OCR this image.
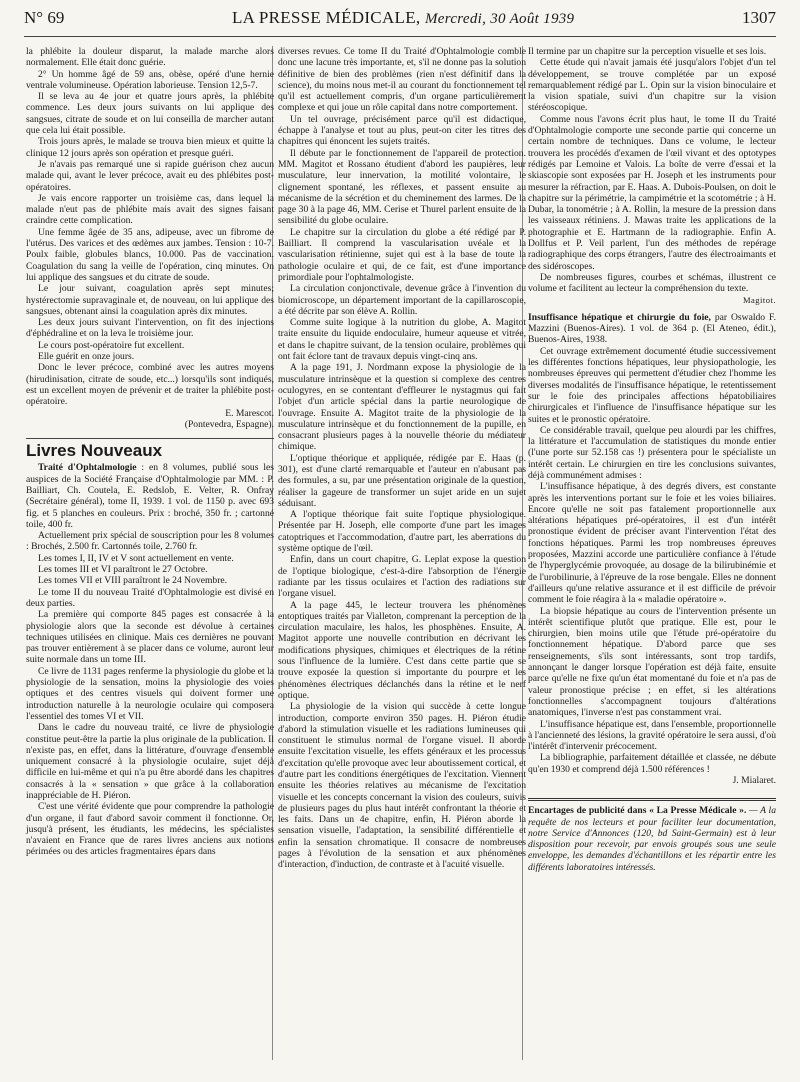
N° 69	LA PRESSE MÉDICALE, Mercredi, 30 Août 1939	1307

la phlébite la douleur disparut, la malade marche alors normalement. Elle était donc guérie.

2° Un homme âgé de 59 ans, obèse, opéré d'une hernie ventrale volumineuse. Opération laborieuse. Tension 12,5-7.

Il se leva au 4e jour et quatre jours après, la phlébite commence. Les deux jours suivants on lui applique des sangsues, citrate de soude et on lui conseilla de marcher autant que cela lui était possible.

Trois jours après, le malade se trouva bien mieux et quitte la clinique 12 jours après son opération et presque guéri.

Je n'avais pas remarqué une si rapide guérison chez aucun malade qui, avant le lever précoce, avait eu des phlébites post-opératoires.

Je vais encore rapporter un troisième cas, dans lequel la malade n'eut pas de phlébite mais avait des signes faisant craindre cette complication.

Une femme âgée de 35 ans, adipeuse, avec un fibrome de l'utérus. Des varices et des œdèmes aux jambes. Tension : 10-7. Poulx faible, globules blancs, 10.000. Pas de vaccination. Coagulation du sang la veille de l'opération, cinq minutes. On lui applique des sangsues et du citrate de soude.

Le jour suivant, coagulation après sept minutes; hystérectomie supravaginale et, de nouveau, on lui applique des sangsues, obtenant ainsi la coagulation après dix minutes.

Les deux jours suivant l'intervention, on fit des injections d'éphédraline et on la leva le troisième jour.

Le cours post-opératoire fut excellent.

Elle guérit en onze jours.

Donc le lever précoce, combiné avec les autres moyens (hirudinisation, citrate de soude, etc...) lorsqu'ils sont indiqués, est un excellent moyen de prévenir et de traiter la phlébite post-opératoire.

E. Marescot.

(Pontevedra, Espagne).

Livres Nouveaux

Traité d'Ophtalmologie : en 8 volumes, publié sous les auspices de la Société Française d'Ophtalmologie par MM. : P. Bailliart, Ch. Coutela, E. Redslob, E. Velter, R. Onfray (Secrétaire général), tome II, 1939. 1 vol. de 1150 p. avec 693 fig. et 5 planches en couleurs. Prix : broché, 350 fr. ; cartonné toile, 400 fr.

Actuellement prix spécial de souscription pour les 8 volumes : Brochés, 2.500 fr. Cartonnés toile, 2.760 fr.

Les tomes I, II, IV et V sont actuellement en vente.

Les tomes III et VI paraîtront le 27 Octobre.

Les tomes VII et VIII paraîtront le 24 Novembre.

Le tome II du nouveau Traité d'Ophtalmologie est divisé en deux parties.

La première qui comporte 845 pages est consacrée à la physiologie alors que la seconde est dévolue à certaines techniques utilisées en clinique. Mais ces dernières ne pouvant pas trouver entièrement à se placer dans ce volume, auront leur suite normale dans un tome III.

Ce livre de 1131 pages renferme la physiologie du globe et la physiologie de la sensation, moins la physiologie des voies optiques et des centres visuels qui doivent former une introduction naturelle à la neurologie oculaire qui composera l'essentiel des tomes VI et VII.

Dans le cadre du nouveau traité, ce livre de physiologie constitue peut-être la partie la plus originale de la publication. Il n'existe pas, en effet, dans la littérature, d'ouvrage d'ensemble uniquement consacré à la physiologie oculaire, sujet déjà difficile en lui-même et qui n'a pu être abordé dans les chapitres consacrés à la « sensation » que grâce à la collaboration inappréciable de H. Piéron.

C'est une vérité évidente que pour comprendre la pathologie d'un organe, il faut d'abord savoir comment il fonctionne. Or, jusqu'à présent, les étudiants, les médecins, les spécialistes n'avaient en France que de rares livres anciens aux notions périmées ou des articles fragmentaires épars dans

diverses revues. Ce tome II du Traité d'Ophtalmologie comble donc une lacune très importante, et, s'il ne donne pas la solution définitive de bien des problèmes (rien n'est définitif dans la science), du moins nous met-il au courant du fonctionnement tel qu'il est actuellement compris, d'un organe particulièrement complexe et qui joue un rôle capital dans notre comportement.

Un tel ouvrage, précisément parce qu'il est didactique, échappe à l'analyse et tout au plus, peut-on citer les titres des chapitres qui énoncent les sujets traités.

Il débute par le fonctionnement de l'appareil de protection. MM. Magitot et Rossano étudient d'abord les paupières, leur musculature, leur innervation, la motilité volontaire, le clignement spontané, les réflexes, et passent ensuite au mécanisme de la sécrétion et du cheminement des larmes. De la page 30 à la page 46, MM. Cerise et Thurel parlent ensuite de la sensibilité du globe oculaire.

Le chapitre sur la circulation du globe a été rédigé par P. Bailliart. Il comprend la vascularisation uvéale et la vascularisation rétinienne, sujet qui est à la base de toute la pathologie oculaire et qui, de ce fait, est d'une importance primordiale pour l'ophtalmologiste.

La circulation conjonctivale, devenue grâce à l'invention du biomicroscope, un département important de la capillaroscopie, a été décrite par son élève A. Rollin.

Comme suite logique à la nutrition du globe, A. Magitot traite ensuite du liquide endoculaire, humeur aqueuse et vitrée, et dans le chapitre suivant, de la tension oculaire, problèmes qui ont fait éclore tant de travaux depuis vingt-cinq ans.

A la page 191, J. Nordmann expose la physiologie de la musculature intrinsèque et la question si complexe des centres oculogyres, en se contentant d'effleurer le nystagmus qui fait l'objet d'un article spécial dans la partie neurologique de l'ouvrage. Ensuite A. Magitot traite de la physiologie de la musculature intrinsèque et du fonctionnement de la pupille, en consacrant plusieurs pages à la nouvelle théorie du médiateur chimique.

L'optique théorique et appliquée, rédigée par E. Haas (p. 301), est d'une clarté remarquable et l'auteur en n'abusant pas des formules, a su, par une présentation originale de la question, réaliser la gageure de transformer un sujet aride en un sujet séduisant.

A l'optique théorique fait suite l'optique physiologique. Présentée par H. Joseph, elle comporte d'une part les images catoptriques et l'accommodation, d'autre part, les aberrations du système optique de l'œil.

Enfin, dans un court chapitre, G. Leplat expose la question de l'optique biologique, c'est-à-dire l'absorption de l'énergie radiante par les tissus oculaires et l'action des radiations sur l'organe visuel.

A la page 445, le lecteur trouvera les phénomènes entoptiques traités par Vialleton, comprenant la perception de la circulation maculaire, les halos, les phosphènes. Ensuite, A. Magitot apporte une nouvelle contribution en décrivant les modifications physiques, chimiques et électriques de la rétine sous l'influence de la lumière. C'est dans cette partie que se trouve exposée la question si importante du pourpre et les phénomènes électriques déclanchés dans la rétine et le nerf optique.

La physiologie de la vision qui succède à cette longue introduction, comporte environ 350 pages. H. Piéron étudie d'abord la stimulation visuelle et les radiations lumineuses qui constituent le stimulus normal de l'organe visuel. Il aborde ensuite l'excitation visuelle, les effets généraux et les processus d'excitation qu'elle provoque avec leur aboutissement cortical, et d'autre part les conditions énergétiques de l'excitation. Viennent ensuite les théories relatives au mécanisme de l'excitation visuelle et les concepts concernant la vision des couleurs, suivis de plusieurs pages du plus haut intérêt confrontant la théorie et les faits. Dans un 4e chapitre, enfin, H. Piéron aborde la sensation visuelle, l'adaptation, la sensibilité différentielle et enfin la sensation chromatique. Il consacre de nombreuses pages à l'évolution de la sensation et aux phénomènes d'interaction, d'induction, de contraste et à l'acuité visuelle.

Il termine par un chapitre sur la perception visuelle et ses lois.

Cette étude qui n'avait jamais été jusqu'alors l'objet d'un tel développement, se trouve complétée par un exposé remarquablement rédigé par L. Opin sur la vision binoculaire et la vision spatiale, suivi d'un chapitre sur la vision stéréoscopique.

Comme nous l'avons écrit plus haut, le tome II du Traité d'Ophtalmologie comporte une seconde partie qui concerne un certain nombre de techniques. Dans ce volume, le lecteur trouvera les procédés d'examen de l'œil vivant et des optotypes rédigés par Lemoine et Valois. La boîte de verre d'essai et la skiascopie sont exposées par H. Joseph et les instruments pour mesurer la réfraction, par E. Haas. A. Dubois-Poulsen, on doit le chapitre sur la périmétrie, la campimétrie et la scotométrie ; à H. Dubar, la tonométrie ; à A. Rollin, la mesure de la pression dans les vaisseaux rétiniens. J. Mawas traite les applications de la photographie et E. Hartmann de la radiographie. Enfin A. Dollfus et P. Veil parlent, l'un des méthodes de repérage radiographique des corps étrangers, l'autre des électroaimants et des sidéroscopes.

De nombreuses figures, courbes et schémas, illustrent ce volume et facilitent au lecteur la compréhension du texte.

Magitot.

Insuffisance hépatique et chirurgie du foie, par Oswaldo F. Mazzini (Buenos-Aires). 1 vol. de 364 p. (El Ateneo, édit.), Buenos-Aires, 1938.

Cet ouvrage extrêmement documenté étudie successivement les différentes fonctions hépatiques, leur physiopathologie, les nombreuses épreuves qui permettent d'étudier chez l'homme les diverses modalités de l'insuffisance hépatique, le retentissement sur le foie des principales affections hépatobiliaires chirurgicales et l'influence de l'insuffisance hépatique sur les suites et le pronostic opératoire.

Ce considérable travail, quelque peu alourdi par les chiffres, la littérature et l'accumulation de statistiques du monde entier (l'une porte sur 52.158 cas !) présentera pour le spécialiste un intérêt certain. Le chirurgien en tire les conclusions suivantes, déjà communément admises :

L'insuffisance hépatique, à des degrés divers, est constante après les interventions portant sur le foie et les voies biliaires. Encore qu'elle ne soit pas fatalement proportionnelle aux altérations hépatiques pré-opératoires, il est d'un intérêt pronostique évident de préciser avant l'intervention l'état des fonctions hépatiques. Parmi les trop nombreuses épreuves proposées, Mazzini accorde une particulière confiance à l'étude de l'hyperglycémie provoquée, au dosage de la bilirubinémie et de l'urobilinurie, à l'épreuve de la rose bengale. Elles ne donnent d'ailleurs qu'une relative assurance et il est difficile de prévoir comment le foie réagira à la « maladie opératoire ».

La biopsie hépatique au cours de l'intervention présente un intérêt scientifique plutôt que pratique. Elle est, pour le chirurgien, bien moins utile que l'étude pré-opératoire du fonctionnement hépatique. D'abord parce que ses renseignements, s'ils sont intéressants, sont trop tardifs, annonçant le danger lorsque l'opération est déjà faite, ensuite parce qu'elle ne fixe qu'un état momentané du foie et n'a pas de valeur pronostique précise ; en effet, si les altérations fonctionnelles s'accompagnent toujours d'altérations anatomiques, l'inverse n'est pas constamment vrai.

L'insuffisance hépatique est, dans l'ensemble, proportionnelle à l'ancienneté des lésions, la gravité opératoire le sera aussi, d'où l'intérêt d'intervenir précocement.

La bibliographie, parfaitement détaillée et classée, ne débute qu'en 1930 et comprend déjà 1.500 références !

J. Mialaret.

Encartages de publicité dans « La Presse Médicale ». — A la requête de nos lecteurs et pour faciliter leur documentation, notre Service d'Annonces (120, bd Saint-Germain) est à leur disposition pour recevoir, par envois groupés sous une seule enveloppe, les demandes d'échantillons et les répartir entre les différents laboratoires intéressés.
